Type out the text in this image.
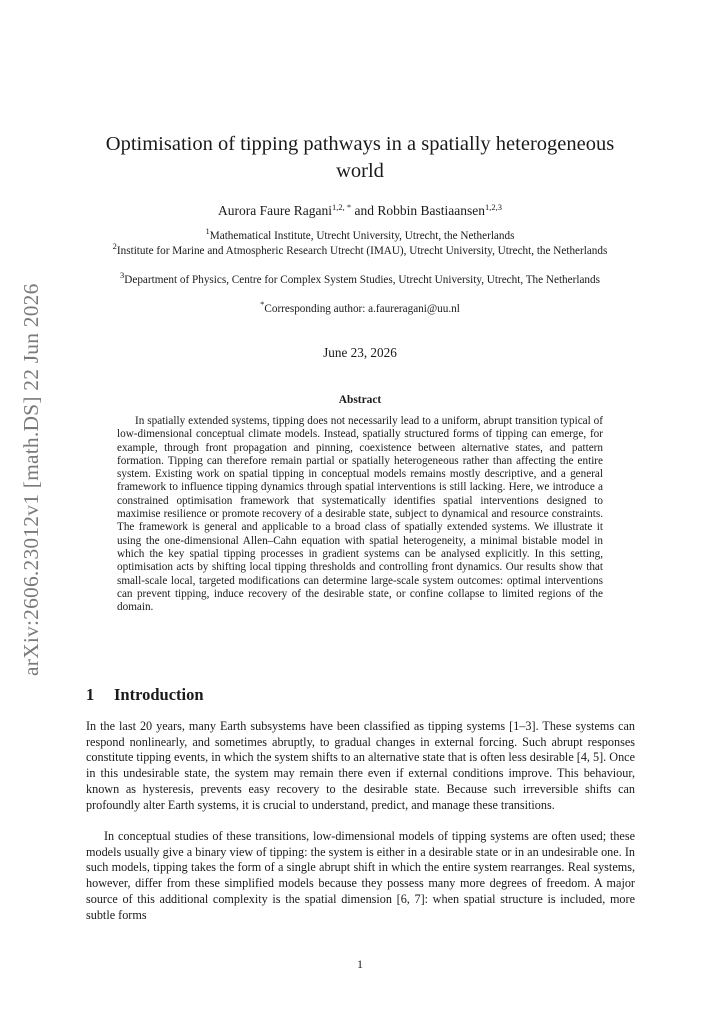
arXiv:2606.23012v1 [math.DS] 22 Jun 2026
Optimisation of tipping pathways in a spatially heterogeneous world
Aurora Faure Ragani$^{1,2, *}$ and Robbin Bastiaansen$^{1,2,3}$
$^1$Mathematical Institute, Utrecht University, Utrecht, the Netherlands
$^2$Institute for Marine and Atmospheric Research Utrecht (IMAU), Utrecht University, Utrecht, the Netherlands
$^3$Department of Physics, Centre for Complex System Studies, Utrecht University, Utrecht, The Netherlands
*Corresponding author: a.faureragani@uu.nl
June 23, 2026
Abstract
In spatially extended systems, tipping does not necessarily lead to a uniform, abrupt transition typical of low-dimensional conceptual climate models. Instead, spatially structured forms of tipping can emerge, for example, through front propagation and pinning, coexistence between alternative states, and pattern formation. Tipping can therefore remain partial or spatially heterogeneous rather than affecting the entire system. Existing work on spatial tipping in conceptual models remains mostly descriptive, and a general framework to influence tipping dynamics through spatial interventions is still lacking. Here, we introduce a constrained optimisation framework that systematically identifies spatial interventions designed to maximise resilience or promote recovery of a desirable state, subject to dynamical and resource constraints. The framework is general and applicable to a broad class of spatially extended systems. We illustrate it using the one-dimensional Allen–Cahn equation with spatial heterogeneity, a minimal bistable model in which the key spatial tipping processes in gradient systems can be analysed explicitly. In this setting, optimisation acts by shifting local tipping thresholds and controlling front dynamics. Our results show that small-scale local, targeted modifications can determine large-scale system outcomes: optimal interventions can prevent tipping, induce recovery of the desirable state, or confine collapse to limited regions of the domain.
1 Introduction
In the last 20 years, many Earth subsystems have been classified as tipping systems [1–3]. These systems can respond nonlinearly, and sometimes abruptly, to gradual changes in external forcing. Such abrupt responses constitute tipping events, in which the system shifts to an alternative state that is often less desirable [4, 5]. Once in this undesirable state, the system may remain there even if external conditions improve. This behaviour, known as hysteresis, prevents easy recovery to the desirable state. Because such irreversible shifts can profoundly alter Earth systems, it is crucial to understand, predict, and manage these transitions.
In conceptual studies of these transitions, low-dimensional models of tipping systems are often used; these models usually give a binary view of tipping: the system is either in a desirable state or in an undesirable one. In such models, tipping takes the form of a single abrupt shift in which the entire system rearranges. Real systems, however, differ from these simplified models because they possess many more degrees of freedom. A major source of this additional complexity is the spatial dimension [6, 7]: when spatial structure is included, more subtle forms
1
